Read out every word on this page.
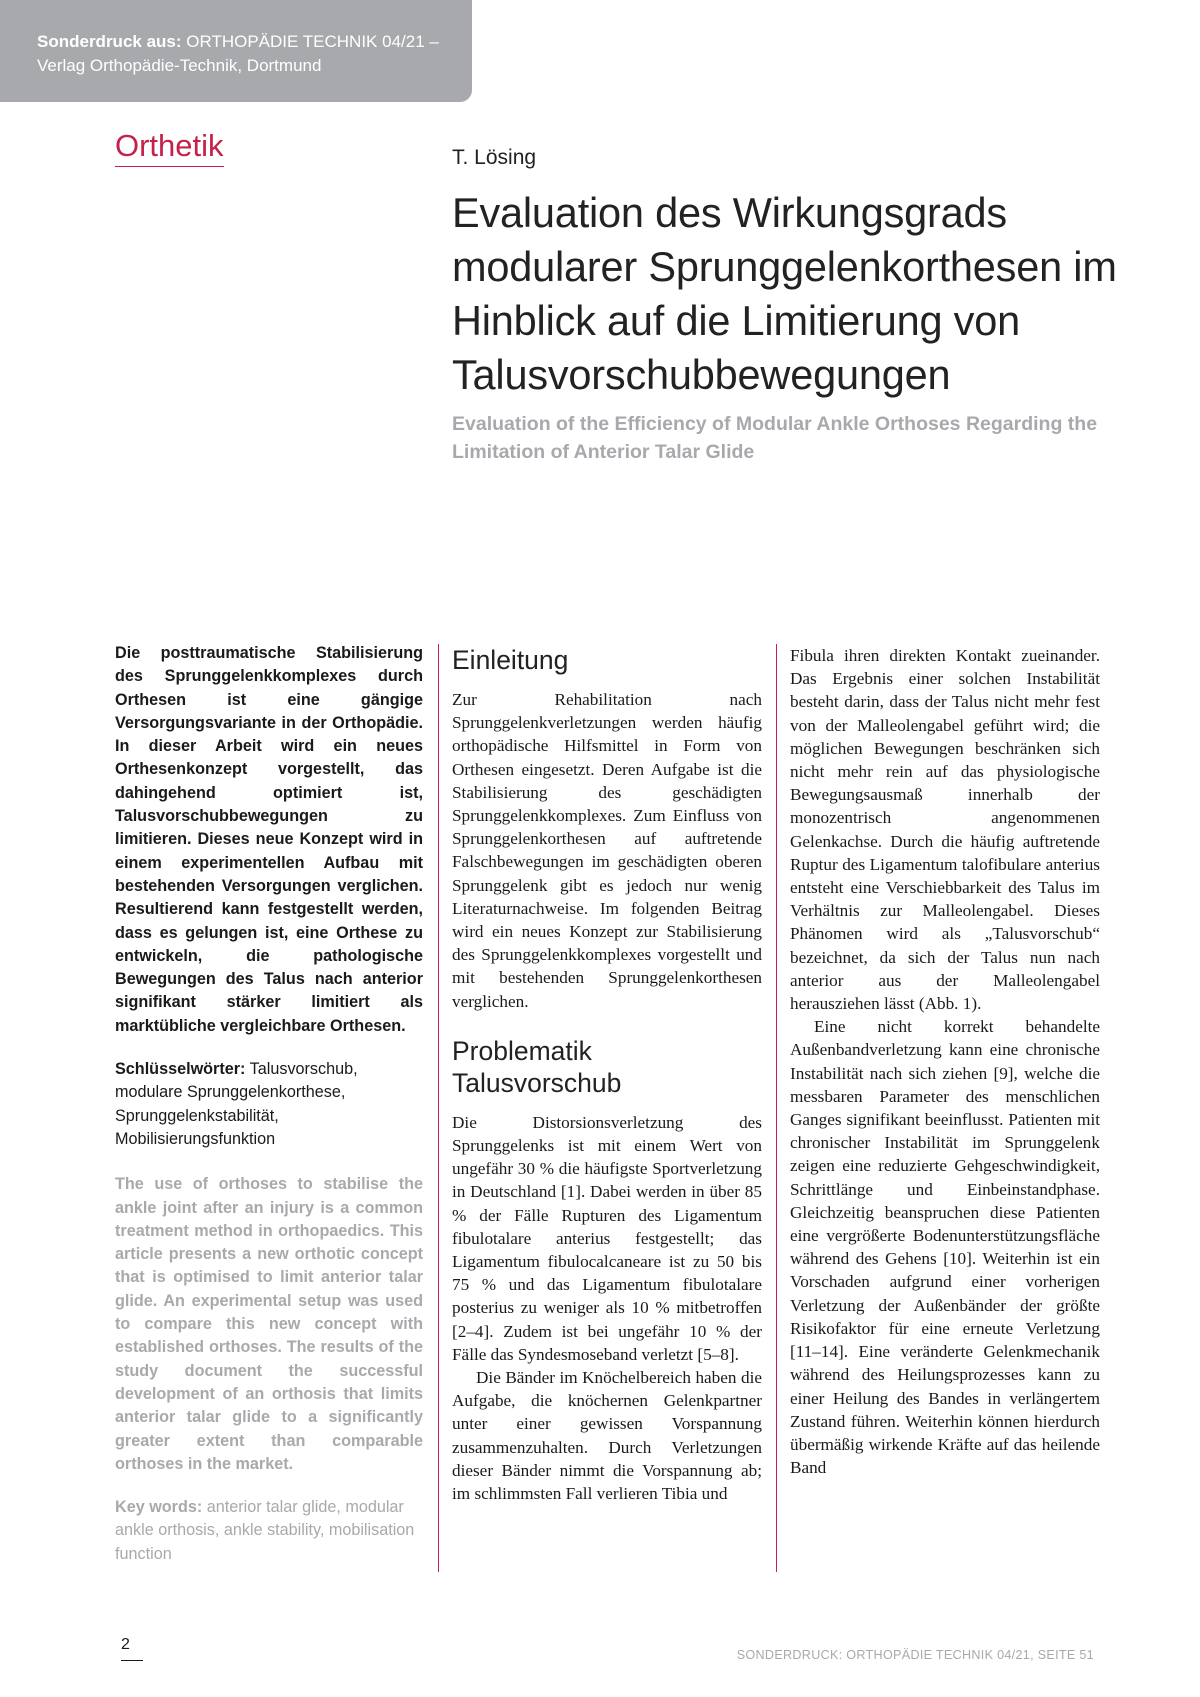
Sonderdruck aus: ORTHOPÄDIE TECHNIK 04/21 –
Verlag Orthopädie-Technik, Dortmund
Orthetik	T. Lösing
Evaluation des Wirkungsgrads modularer Sprunggelenkorthesen im Hinblick auf die Limitierung von Talusvorschubbewegungen
Evaluation of the Efficiency of Modular Ankle Orthoses Regarding the Limitation of Anterior Talar Glide

Die posttraumatische Stabilisierung des Sprunggelenkkomplexes durch Orthesen ist eine gängige Versorgungsvariante in der Orthopädie. In dieser Arbeit wird ein neues Orthesenkonzept vorgestellt, das dahingehend optimiert ist, Talusvorschubbewegungen zu limitieren. Dieses neue Konzept wird in einem experimentellen Aufbau mit bestehenden Versorgungen verglichen. Resultierend kann festgestellt werden, dass es gelungen ist, eine Orthese zu entwickeln, die pathologische Bewegungen des Talus nach anterior signifikant stärker limitiert als marktübliche vergleichbare Orthesen.

Schlüsselwörter: Talusvorschub, modulare Sprunggelenkorthese, Sprunggelenkstabilität, Mobilisierungsfunktion

The use of orthoses to stabilise the ankle joint after an injury is a common treatment method in orthopaedics. This article presents a new orthotic concept that is optimised to limit anterior talar glide. An experimental setup was used to compare this new concept with established orthoses. The results of the study document the successful development of an orthosis that limits anterior talar glide to a significantly greater extent than comparable orthoses in the market.

Key words: anterior talar glide, modular ankle orthosis, ankle stability, mobilisation function

Einleitung

Zur Rehabilitation nach Sprunggelenkverletzungen werden häufig orthopädische Hilfsmittel in Form von Orthesen eingesetzt. Deren Aufgabe ist die Stabilisierung des geschädigten Sprunggelenkkomplexes. Zum Einfluss von Sprunggelenkorthesen auf auftretende Falschbewegungen im geschädigten oberen Sprunggelenk gibt es jedoch nur wenig Literaturnachweise. Im folgenden Beitrag wird ein neues Konzept zur Stabilisierung des Sprunggelenkkomplexes vorgestellt und mit bestehenden Sprunggelenkorthesen verglichen.

Problematik Talusvorschub

Die Distorsionsverletzung des Sprunggelenks ist mit einem Wert von ungefähr 30 % die häufigste Sportverletzung in Deutschland [1]. Dabei werden in über 85 % der Fälle Rupturen des Ligamentum fibulotalare anterius festgestellt; das Ligamentum fibulocalcaneare ist zu 50 bis 75 % und das Ligamentum fibulotalare posterius zu weniger als 10 % mitbetroffen [2–4]. Zudem ist bei ungefähr 10 % der Fälle das Syndesmoseband verletzt [5–8].

Die Bänder im Knöchelbereich haben die Aufgabe, die knöchernen Gelenkpartner unter einer gewissen Vorspannung zusammenzuhalten. Durch Verletzungen dieser Bänder nimmt die Vorspannung ab; im schlimmsten Fall verlieren Tibia und

Fibula ihren direkten Kontakt zueinander. Das Ergebnis einer solchen Instabilität besteht darin, dass der Talus nicht mehr fest von der Malleolengabel geführt wird; die möglichen Bewegungen beschränken sich nicht mehr rein auf das physiologische Bewegungsausmaß innerhalb der monozentrisch angenommenen Gelenkachse. Durch die häufig auftretende Ruptur des Ligamentum talofibulare anterius entsteht eine Verschiebbarkeit des Talus im Verhältnis zur Malleolengabel. Dieses Phänomen wird als „Talusvorschub“ bezeichnet, da sich der Talus nun nach anterior aus der Malleolengabel herausziehen lässt (Abb. 1).

Eine nicht korrekt behandelte Außenbandverletzung kann eine chronische Instabilität nach sich ziehen [9], welche die messbaren Parameter des menschlichen Ganges signifikant beeinflusst. Patienten mit chronischer Instabilität im Sprunggelenk zeigen eine reduzierte Gehgeschwindigkeit, Schrittlänge und Einbeinstandphase. Gleichzeitig beanspruchen diese Patienten eine vergrößerte Bodenunterstützungsfläche während des Gehens [10]. Weiterhin ist ein Vorschaden aufgrund einer vorherigen Verletzung der Außenbänder der größte Risikofaktor für eine erneute Verletzung [11–14]. Eine veränderte Gelenkmechanik während des Heilungsprozesses kann zu einer Heilung des Bandes in verlängertem Zustand führen. Weiterhin können hierdurch übermäßig wirkende Kräfte auf das heilende Band

2
SONDERDRUCK: ORTHOPÄDIE TECHNIK 04/21, SEITE 51
